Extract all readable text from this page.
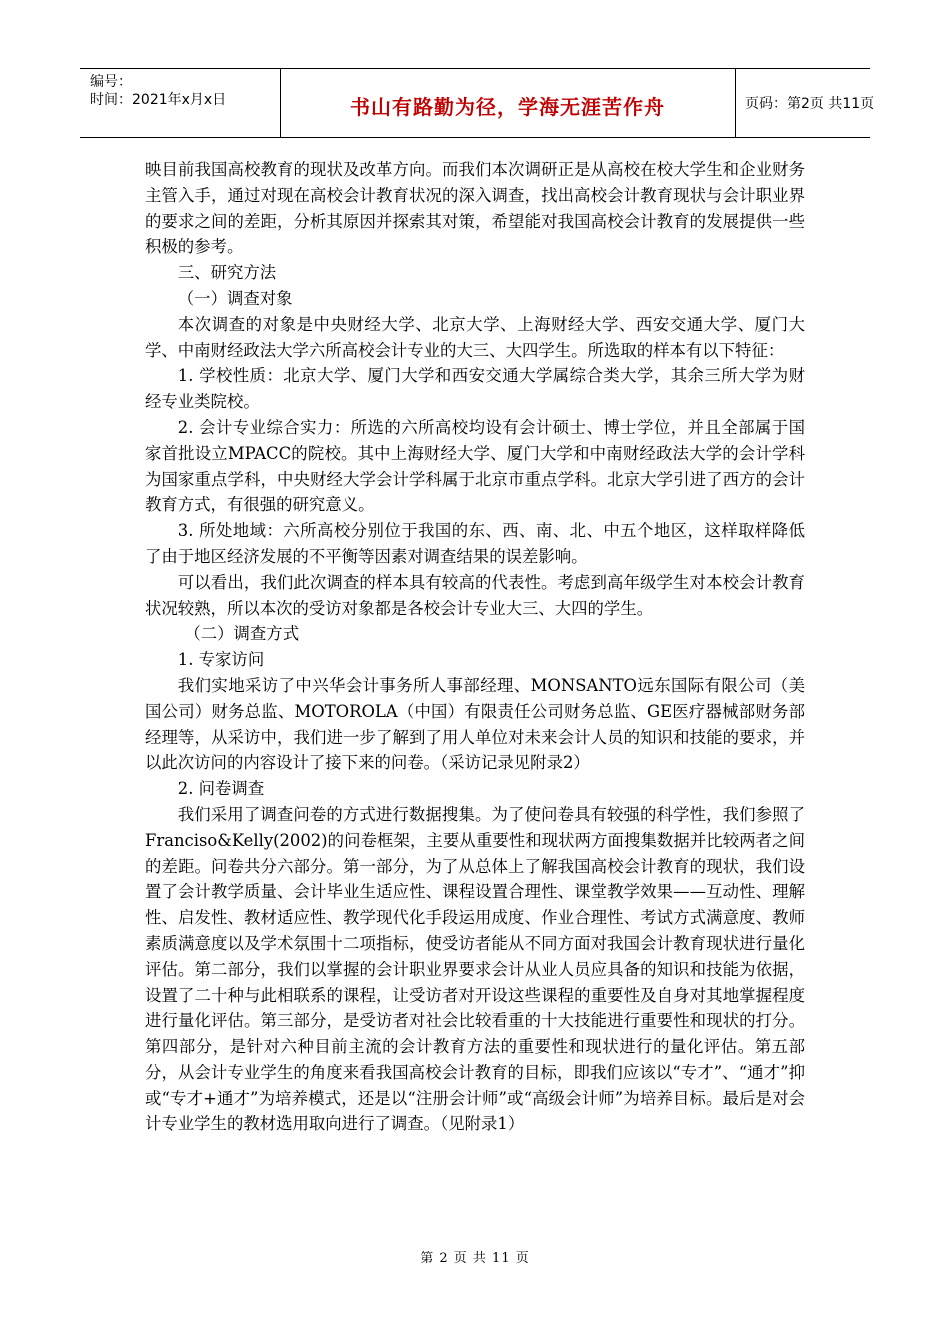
编号：
时间：2021年x月x日	书山有路勤为径，学海无涯苦作舟	页码：第2页 共11页

映目前我国高校教育的现状及改革方向。而我们本次调研正是从高校在校大学生和企业财务主管入手，通过对现在高校会计教育状况的深入调查，找出高校会计教育现状与会计职业界的要求之间的差距，分析其原因并探索其对策，希望能对我国高校会计教育的发展提供一些积极的参考。

三、研究方法

（一）调查对象

本次调查的对象是中央财经大学、北京大学、上海财经大学、西安交通大学、厦门大学、中南财经政法大学六所高校会计专业的大三、大四学生。所选取的样本有以下特征：

1. 学校性质：北京大学、厦门大学和西安交通大学属综合类大学，其余三所大学为财经专业类院校。

2. 会计专业综合实力：所选的六所高校均设有会计硕士、博士学位，并且全部属于国家首批设立MPACC的院校。其中上海财经大学、厦门大学和中南财经政法大学的会计学科为国家重点学科，中央财经大学会计学科属于北京市重点学科。北京大学引进了西方的会计教育方式，有很强的研究意义。

3. 所处地域：六所高校分别位于我国的东、西、南、北、中五个地区，这样取样降低了由于地区经济发展的不平衡等因素对调查结果的误差影响。

可以看出，我们此次调查的样本具有较高的代表性。考虑到高年级学生对本校会计教育状况较熟，所以本次的受访对象都是各校会计专业大三、大四的学生。

（二）调查方式

1. 专家访问

我们实地采访了中兴华会计事务所人事部经理、MONSANTO远东国际有限公司（美国公司）财务总监、MOTOROLA（中国）有限责任公司财务总监、GE医疗器械部财务部经理等，从采访中，我们进一步了解到了用人单位对未来会计人员的知识和技能的要求，并以此次访问的内容设计了接下来的问卷。（采访记录见附录2）

2. 问卷调查

我们采用了调查问卷的方式进行数据搜集。为了使问卷具有较强的科学性，我们参照了Franciso&Kelly(2002)的问卷框架，主要从重要性和现状两方面搜集数据并比较两者之间的差距。问卷共分六部分。第一部分，为了从总体上了解我国高校会计教育的现状，我们设置了会计教学质量、会计毕业生适应性、课程设置合理性、课堂教学效果——互动性、理解性、启发性、教材适应性、教学现代化手段运用成度、作业合理性、考试方式满意度、教师素质满意度以及学术氛围十二项指标，使受访者能从不同方面对我国会计教育现状进行量化评估。第二部分，我们以掌握的会计职业界要求会计从业人员应具备的知识和技能为依据，设置了二十种与此相联系的课程，让受访者对开设这些课程的重要性及自身对其地掌握程度进行量化评估。第三部分，是受访者对社会比较看重的十大技能进行重要性和现状的打分。第四部分，是针对六种目前主流的会计教育方法的重要性和现状进行的量化评估。第五部分，从会计专业学生的角度来看我国高校会计教育的目标，即我们应该以“专才”、“通才”抑或“专才+通才”为培养模式，还是以“注册会计师”或“高级会计师”为培养目标。最后是对会计专业学生的教材选用取向进行了调查。（见附录1）

第 2 页 共 11 页
